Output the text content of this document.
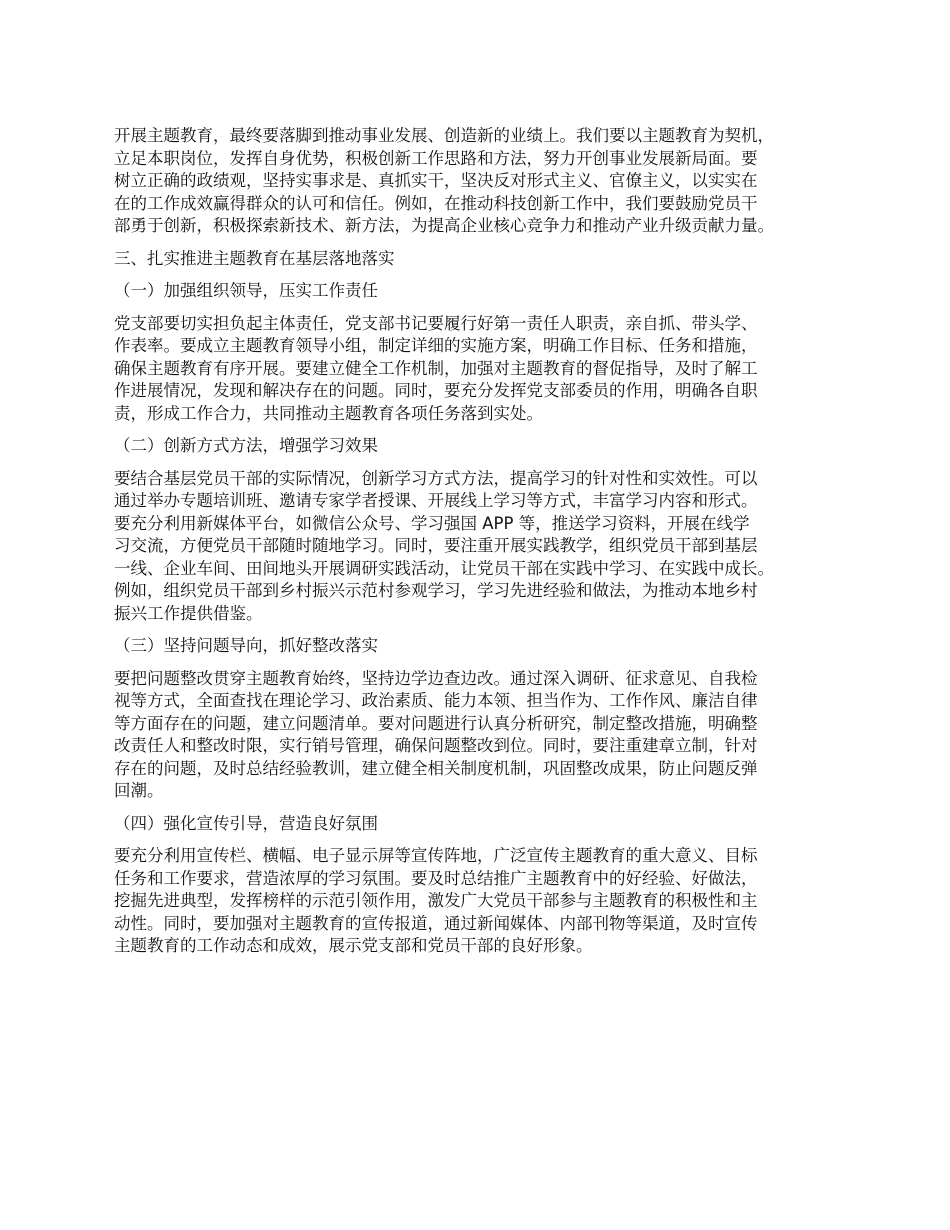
开展主题教育，最终要落脚到推动事业发展、创造新的业绩上。我们要以主题教育为契机，
立足本职岗位，发挥自身优势，积极创新工作思路和方法，努力开创事业发展新局面。要
树立正确的政绩观，坚持实事求是、真抓实干，坚决反对形式主义、官僚主义，以实实在
在的工作成效赢得群众的认可和信任。例如，在推动科技创新工作中，我们要鼓励党员干
部勇于创新，积极探索新技术、新方法，为提高企业核心竞争力和推动产业升级贡献力量。

三、扎实推进主题教育在基层落地落实
（一）加强组织领导，压实工作责任

党支部要切实担负起主体责任，党支部书记要履行好第一责任人职责，亲自抓、带头学、
作表率。要成立主题教育领导小组，制定详细的实施方案，明确工作目标、任务和措施，
确保主题教育有序开展。要建立健全工作机制，加强对主题教育的督促指导，及时了解工
作进展情况，发现和解决存在的问题。同时，要充分发挥党支部委员的作用，明确各自职
责，形成工作合力，共同推动主题教育各项任务落到实处。

（二）创新方式方法，增强学习效果

要结合基层党员干部的实际情况，创新学习方式方法，提高学习的针对性和实效性。可以
通过举办专题培训班、邀请专家学者授课、开展线上学习等方式，丰富学习内容和形式。
要充分利用新媒体平台，如微信公众号、学习强国 APP 等，推送学习资料，开展在线学
习交流，方便党员干部随时随地学习。同时，要注重开展实践教学，组织党员干部到基层
一线、企业车间、田间地头开展调研实践活动，让党员干部在实践中学习、在实践中成长。
例如，组织党员干部到乡村振兴示范村参观学习，学习先进经验和做法，为推动本地乡村
振兴工作提供借鉴。

（三）坚持问题导向，抓好整改落实

要把问题整改贯穿主题教育始终，坚持边学边查边改。通过深入调研、征求意见、自我检
视等方式，全面查找在理论学习、政治素质、能力本领、担当作为、工作作风、廉洁自律
等方面存在的问题，建立问题清单。要对问题进行认真分析研究，制定整改措施，明确整
改责任人和整改时限，实行销号管理，确保问题整改到位。同时，要注重建章立制，针对
存在的问题，及时总结经验教训，建立健全相关制度机制，巩固整改成果，防止问题反弹
回潮。

（四）强化宣传引导，营造良好氛围

要充分利用宣传栏、横幅、电子显示屏等宣传阵地，广泛宣传主题教育的重大意义、目标
任务和工作要求，营造浓厚的学习氛围。要及时总结推广主题教育中的好经验、好做法，
挖掘先进典型，发挥榜样的示范引领作用，激发广大党员干部参与主题教育的积极性和主
动性。同时，要加强对主题教育的宣传报道，通过新闻媒体、内部刊物等渠道，及时宣传
主题教育的工作动态和成效，展示党支部和党员干部的良好形象。
